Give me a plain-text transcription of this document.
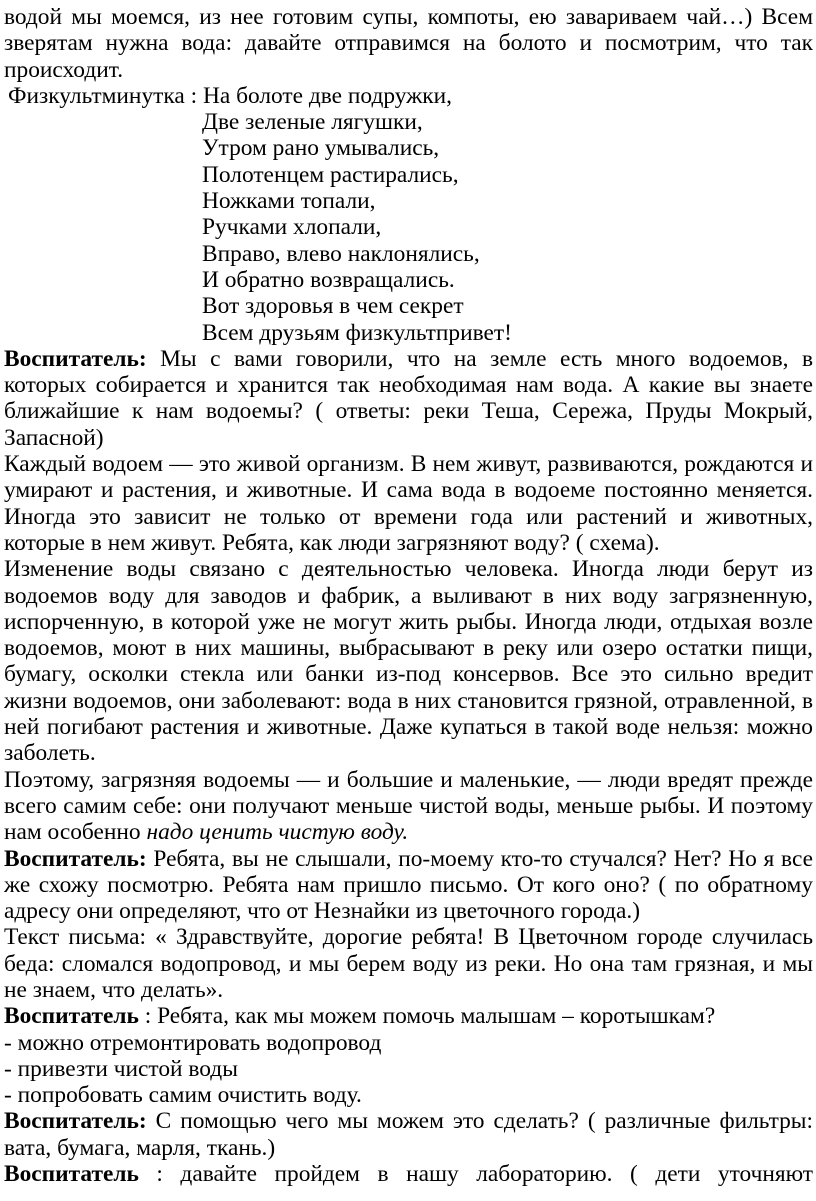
водой мы моемся, из нее готовим супы, компоты, ею завариваем чай…) Всем зверятам нужна вода: давайте отправимся на болото и посмотрим, что так происходит.

Физкультминутка : На болоте две подружки,

Две зеленые лягушки,

Утром рано умывались,

Полотенцем растирались,

Ножками топали,

Ручками хлопали,

Вправо, влево наклонялись,

И обратно возвращались.

Вот здоровья в чем секрет

Всем друзьям физкультпривет!

Воспитатель: Мы с вами говорили, что на земле есть много водоемов, в которых собирается и хранится так необходимая нам вода. А какие вы знаете ближайшие к нам водоемы? ( ответы: реки Теша, Сережа, Пруды Мокрый, Запасной)

Каждый водоем — это живой организм. В нем живут, развиваются, рождаются и умирают и растения, и животные. И сама вода в водоеме постоянно меняется. Иногда это зависит не только от времени года или растений и животных, которые в нем живут. Ребята, как люди загрязняют воду? ( схема).

Изменение воды связано с деятельностью человека. Иногда люди берут из водоемов воду для заводов и фабрик, а выливают в них воду загрязненную, испорченную, в которой уже не могут жить рыбы. Иногда люди, отдыхая возле водоемов, моют в них машины, выбрасывают в реку или озеро остатки пищи, бумагу, осколки стекла или банки из-под консервов. Все это сильно вредит жизни водоемов, они заболевают: вода в них становится грязной, отравленной, в ней погибают растения и животные. Даже купаться в такой воде нельзя: можно заболеть.

Поэтому, загрязняя водоемы — и большие и маленькие, — люди вредят прежде всего самим себе: они получают меньше чистой воды, меньше рыбы. И поэтому нам особенно надо ценить чистую воду.

Воспитатель: Ребята, вы не слышали, по-моему кто-то стучался? Нет? Но я все же схожу посмотрю. Ребята нам пришло письмо. От кого оно? ( по обратному адресу они определяют, что от Незнайки из цветочного города.)

Текст письма: « Здравствуйте, дорогие ребята! В Цветочном городе случилась беда: сломался водопровод, и мы берем воду из реки. Но она там грязная, и мы не знаем, что делать».

Воспитатель : Ребята, как мы можем помочь малышам – коротышкам?

- можно отремонтировать водопровод

- привезти чистой воды

- попробовать самим очистить воду.

Воспитатель: С помощью чего мы можем это сделать? ( различные фильтры: вата, бумага, марля, ткань.)

Воспитатель : давайте пройдем в нашу лабораторию. ( дети уточняют
